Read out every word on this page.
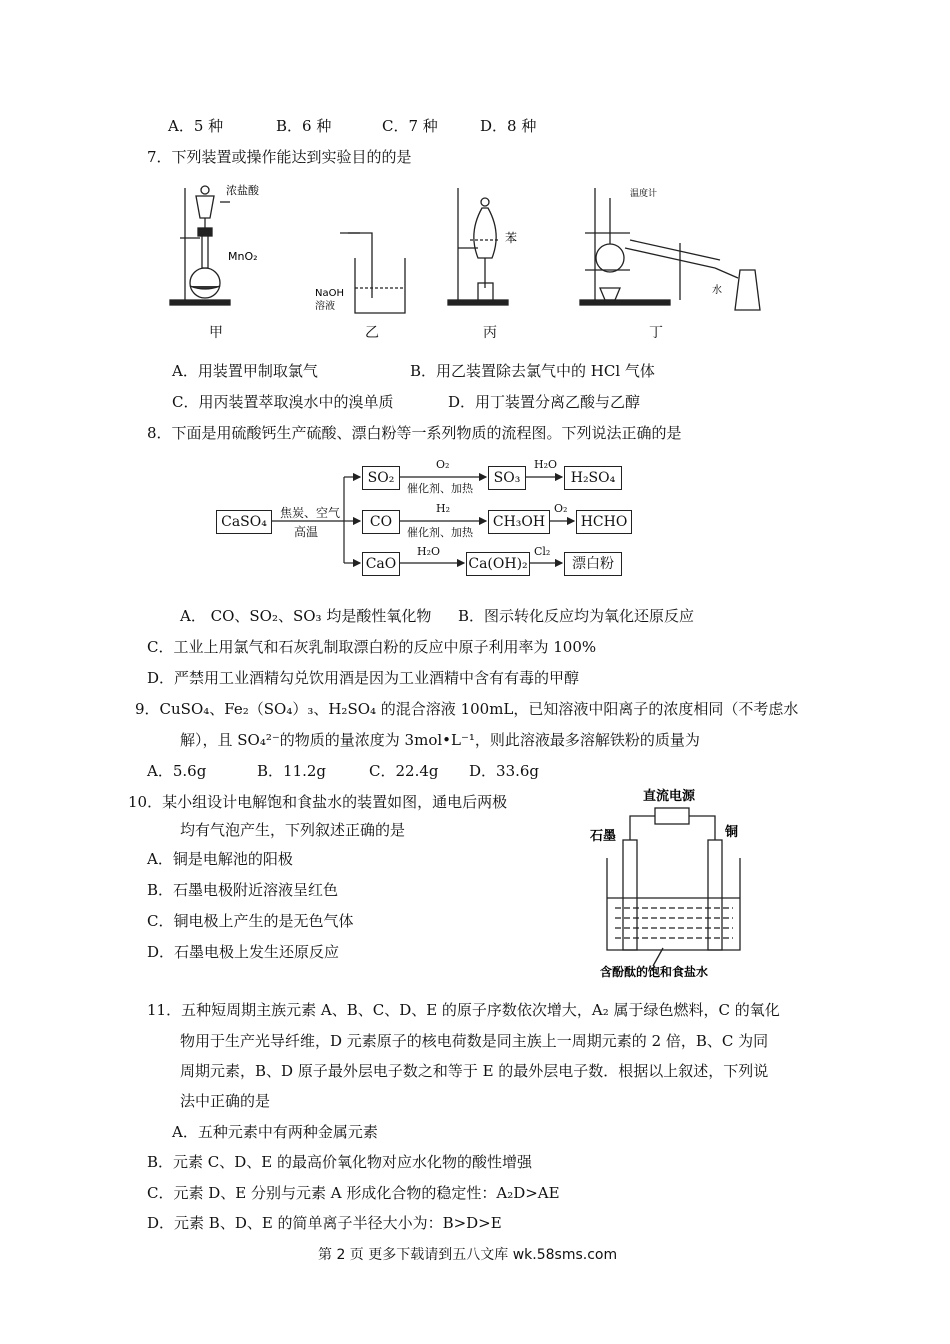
A．5 种	B．6 种	C．7 种	D．8 种
7．下列装置或操作能达到实验目的的是
浓盐酸
MnO₂
NaOH
溶液
苯
温度计
水
甲	乙	丙	丁
A．用装置甲制取氯气	B．用乙装置除去氯气中的 HCl 气体
C．用丙装置萃取溴水中的溴单质	D．用丁装置分离乙酸与乙醇
8．下面是用硫酸钙生产硫酸、漂白粉等一系列物质的流程图。下列说法正确的是
CaSO₄
焦炭、空气
高温
SO₂
O₂
催化剂、加热
SO₃
H₂O
H₂SO₄
CO
H₂
催化剂、加热
CH₃OH
O₂
HCHO
CaO
H₂O
Ca(OH)₂
Cl₂
漂白粉
A． CO、SO₂、SO₃ 均是酸性氧化物 B．图示转化反应均为氧化还原反应
C．工业上用氯气和石灰乳制取漂白粉的反应中原子利用率为 100%
D．严禁用工业酒精勾兑饮用酒是因为工业酒精中含有有毒的甲醇
9．CuSO₄、Fe₂（SO₄）₃、H₂SO₄ 的混合溶液 100mL，已知溶液中阳离子的浓度相同（不考虑水
解），且 SO₄²⁻的物质的量浓度为 3mol•L⁻¹，则此溶液最多溶解铁粉的质量为
A．5.6g	B．11.2g	C．22.4g D．33.6g
10．某小组设计电解饱和食盐水的装置如图，通电后两极
均有气泡产生，下列叙述正确的是
A．铜是电解池的阳极
B．石墨电极附近溶液呈红色
C．铜电极上产生的是无色气体
D．石墨电极上发生还原反应
直流电源
石墨	铜
含酚酞的饱和食盐水
11．五种短周期主族元素 A、B、C、D、E 的原子序数依次增大，A₂ 属于绿色燃料，C 的氧化
物用于生产光导纤维，D 元素原子的核电荷数是同主族上一周期元素的 2 倍，B、C 为同
周期元素，B、D 原子最外层电子数之和等于 E 的最外层电子数．根据以上叙述，下列说
法中正确的是
A．五种元素中有两种金属元素
B．元素 C、D、E 的最高价氧化物对应水化物的酸性增强
C．元素 D、E 分别与元素 A 形成化合物的稳定性：A₂D>AE
D．元素 B、D、E 的简单离子半径大小为：B>D>E
第 2 页 更多下载请到五八文库 wk.58sms.com
